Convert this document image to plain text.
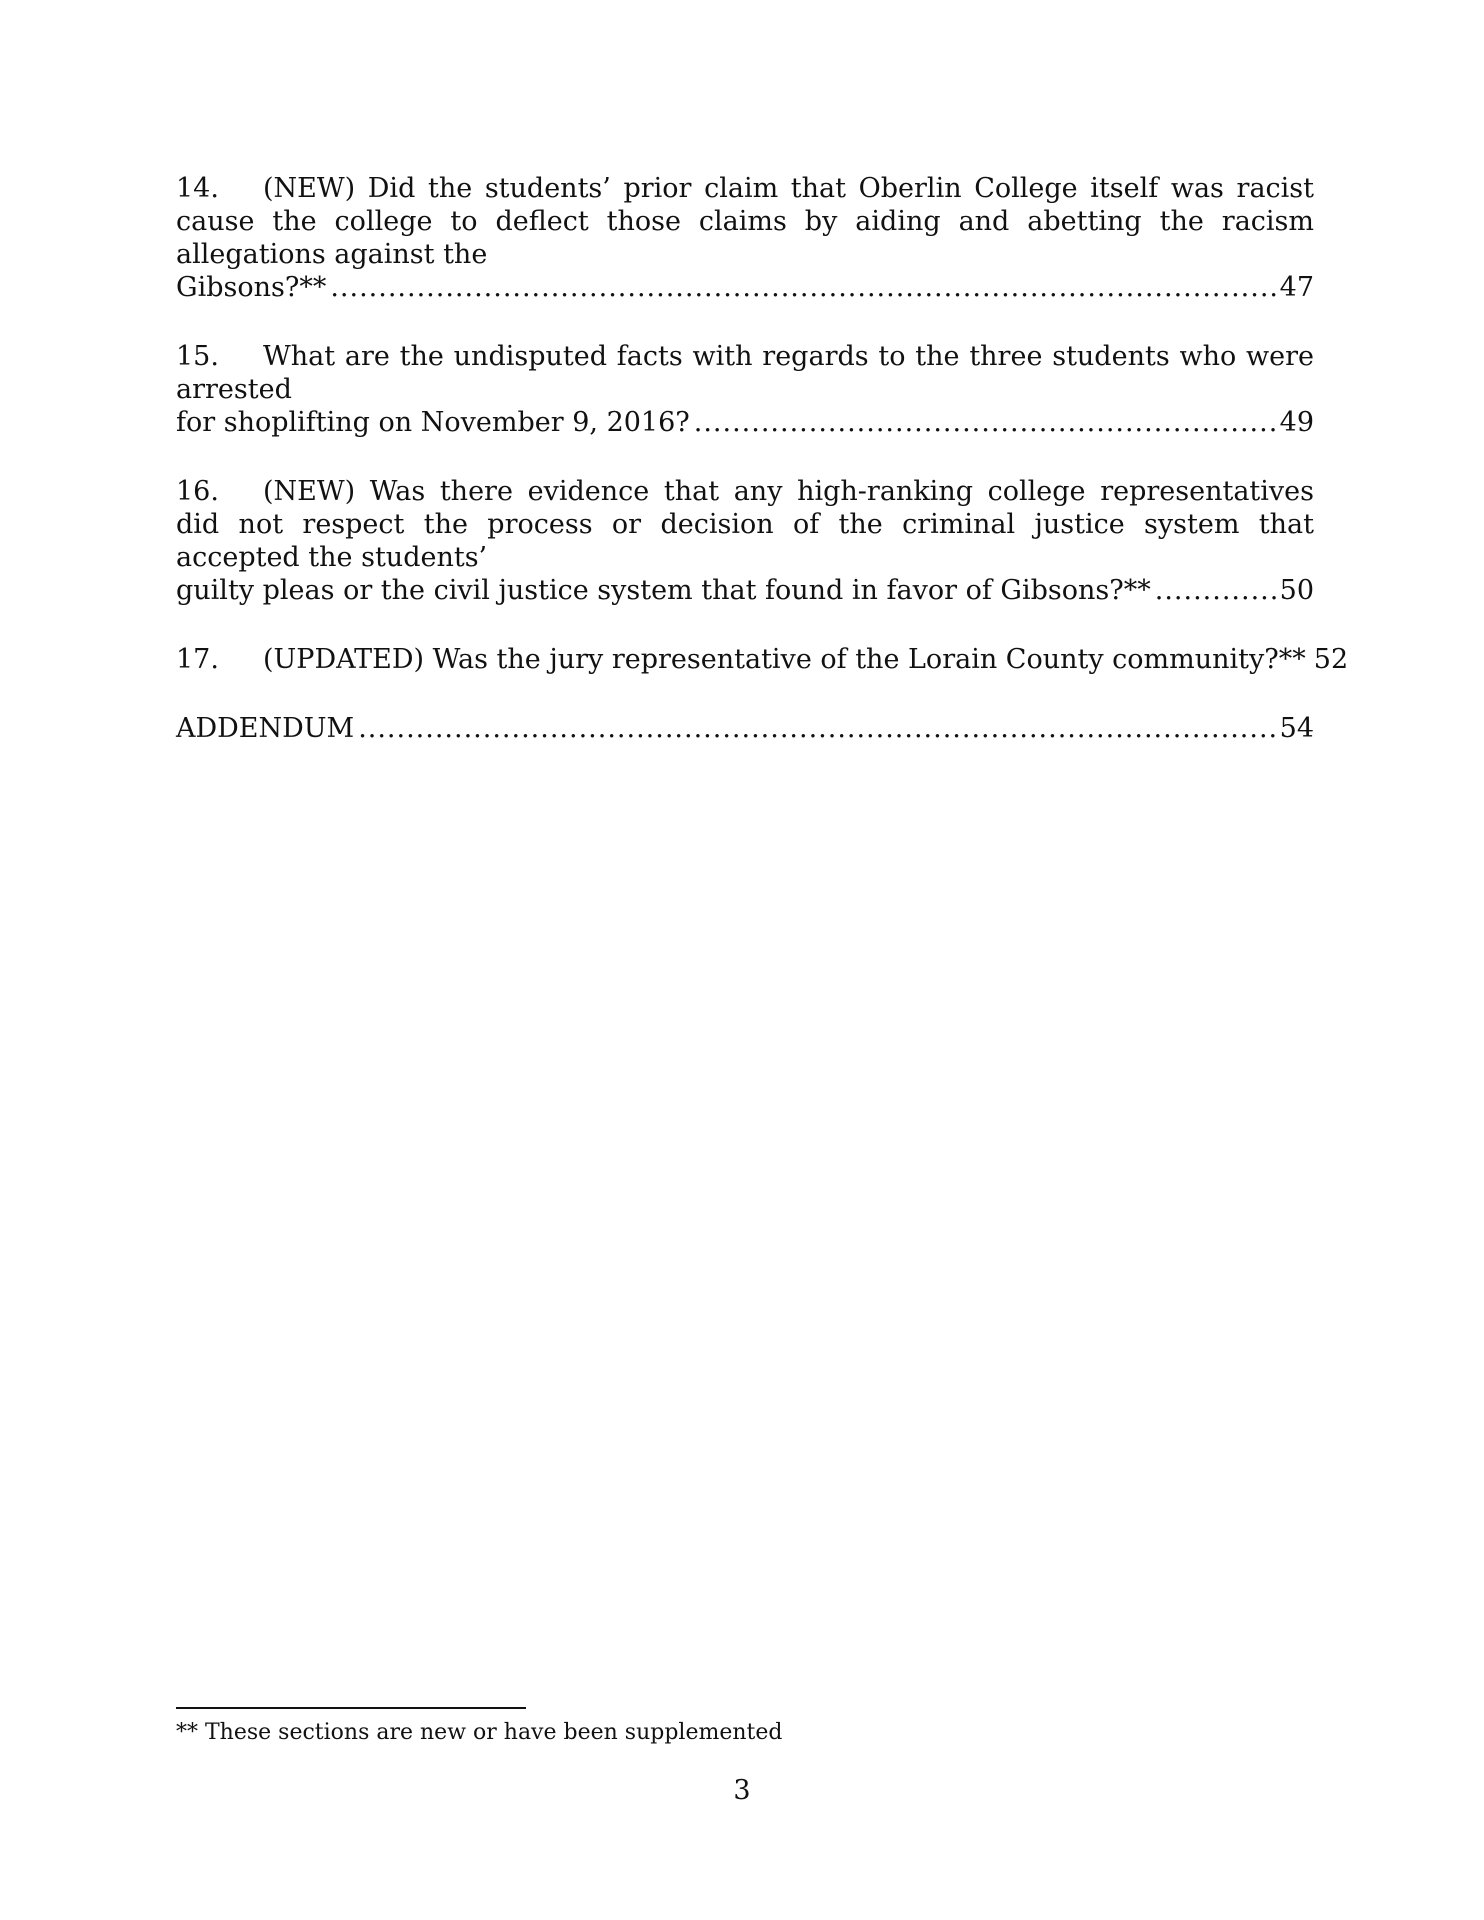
14. (NEW) Did the students’ prior claim that Oberlin College itself was racist cause the college to deflect those claims by aiding and abetting the racism allegations against the
Gibsons?** .....	47
15. What are the undisputed facts with regards to the three students who were arrested
for shoplifting on November 9, 2016? .....	49
16. (NEW) Was there evidence that any high-ranking college representatives did not respect the process or decision of the criminal justice system that accepted the students’
guilty pleas or the civil justice system that found in favor of Gibsons?** .....	50
17. (UPDATED) Was the jury representative of the Lorain County community?** 52
ADDENDUM .....	54
** These sections are new or have been supplemented
3
